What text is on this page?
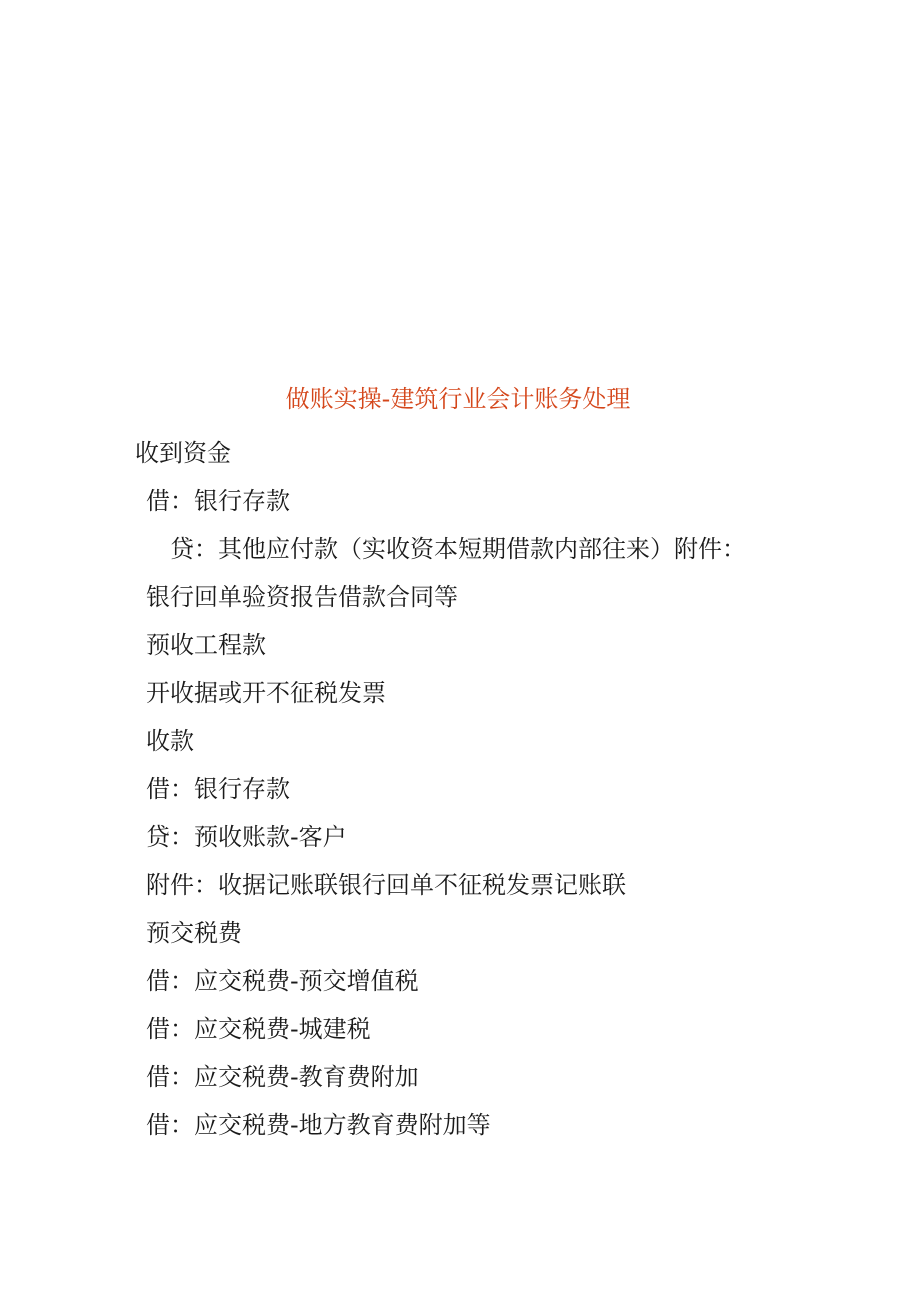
做账实操-建筑行业会计账务处理
收到资金
借：银行存款
贷：其他应付款（实收资本短期借款内部往来）附件：
银行回单验资报告借款合同等
预收工程款
开收据或开不征税发票
收款
借：银行存款
贷：预收账款-客户
附件：收据记账联银行回单不征税发票记账联
预交税费
借：应交税费-预交增值税
借：应交税费-城建税
借：应交税费-教育费附加
借：应交税费-地方教育费附加等
